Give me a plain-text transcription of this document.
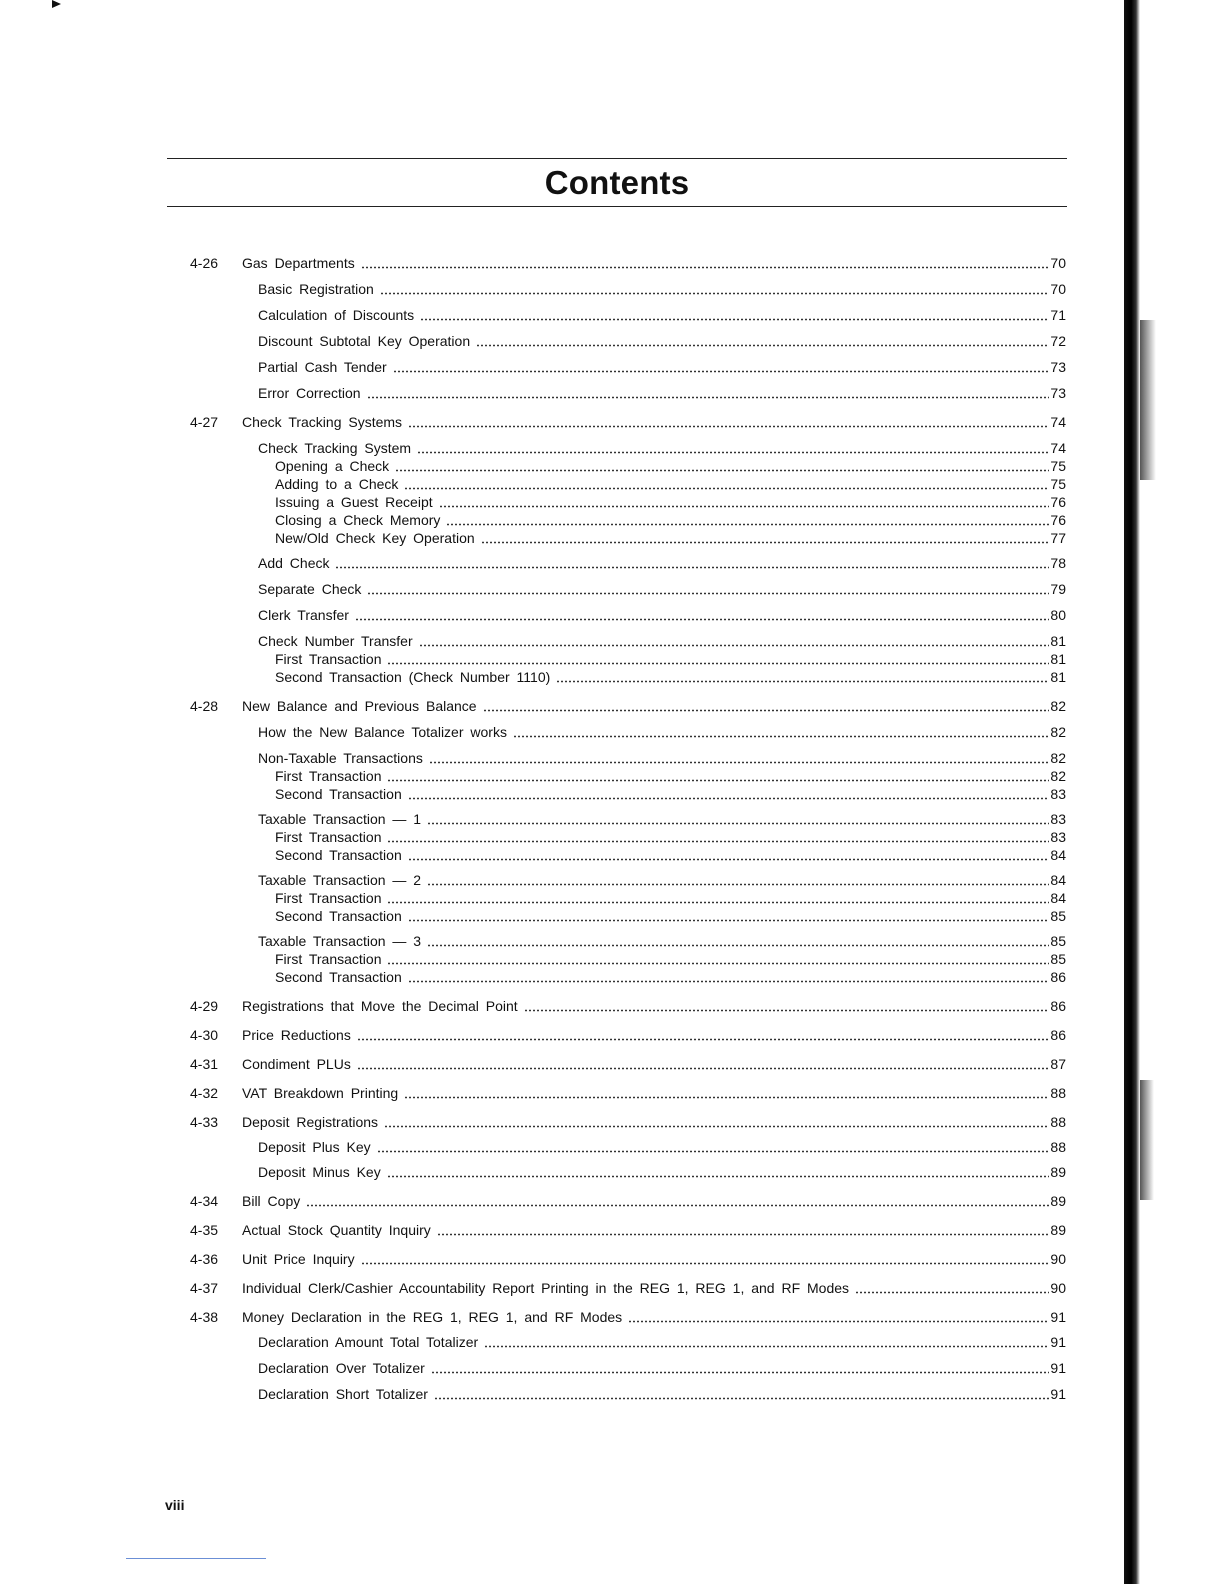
Contents
4-26	Gas Departments	70
Basic Registration	70
Calculation of Discounts	71
Discount Subtotal Key Operation	72
Partial Cash Tender	73
Error Correction	73
4-27	Check Tracking Systems	74
Check Tracking System	74
Opening a Check	75
Adding to a Check	75
Issuing a Guest Receipt	76
Closing a Check Memory	76
New/Old Check Key Operation	77
Add Check	78
Separate Check	79
Clerk Transfer	80
Check Number Transfer	81
First Transaction	81
Second Transaction (Check Number 1110)	81
4-28	New Balance and Previous Balance	82
How the New Balance Totalizer works	82
Non-Taxable Transactions	82
First Transaction	82
Second Transaction	83
Taxable Transaction — 1	83
First Transaction	83
Second Transaction	84
Taxable Transaction — 2	84
First Transaction	84
Second Transaction	85
Taxable Transaction — 3	85
First Transaction	85
Second Transaction	86
4-29	Registrations that Move the Decimal Point	86
4-30	Price Reductions	86
4-31	Condiment PLUs	87
4-32	VAT Breakdown Printing	88
4-33	Deposit Registrations	88
Deposit Plus Key	88
Deposit Minus Key	89
4-34	Bill Copy	89
4-35	Actual Stock Quantity Inquiry	89
4-36	Unit Price Inquiry	90
4-37	Individual Clerk/Cashier Accountability Report Printing in the REG 1, REG 1, and RF Modes	90
4-38	Money Declaration in the REG 1, REG 1, and RF Modes	91
Declaration Amount Total Totalizer	91
Declaration Over Totalizer	91
Declaration Short Totalizer	91
viii
